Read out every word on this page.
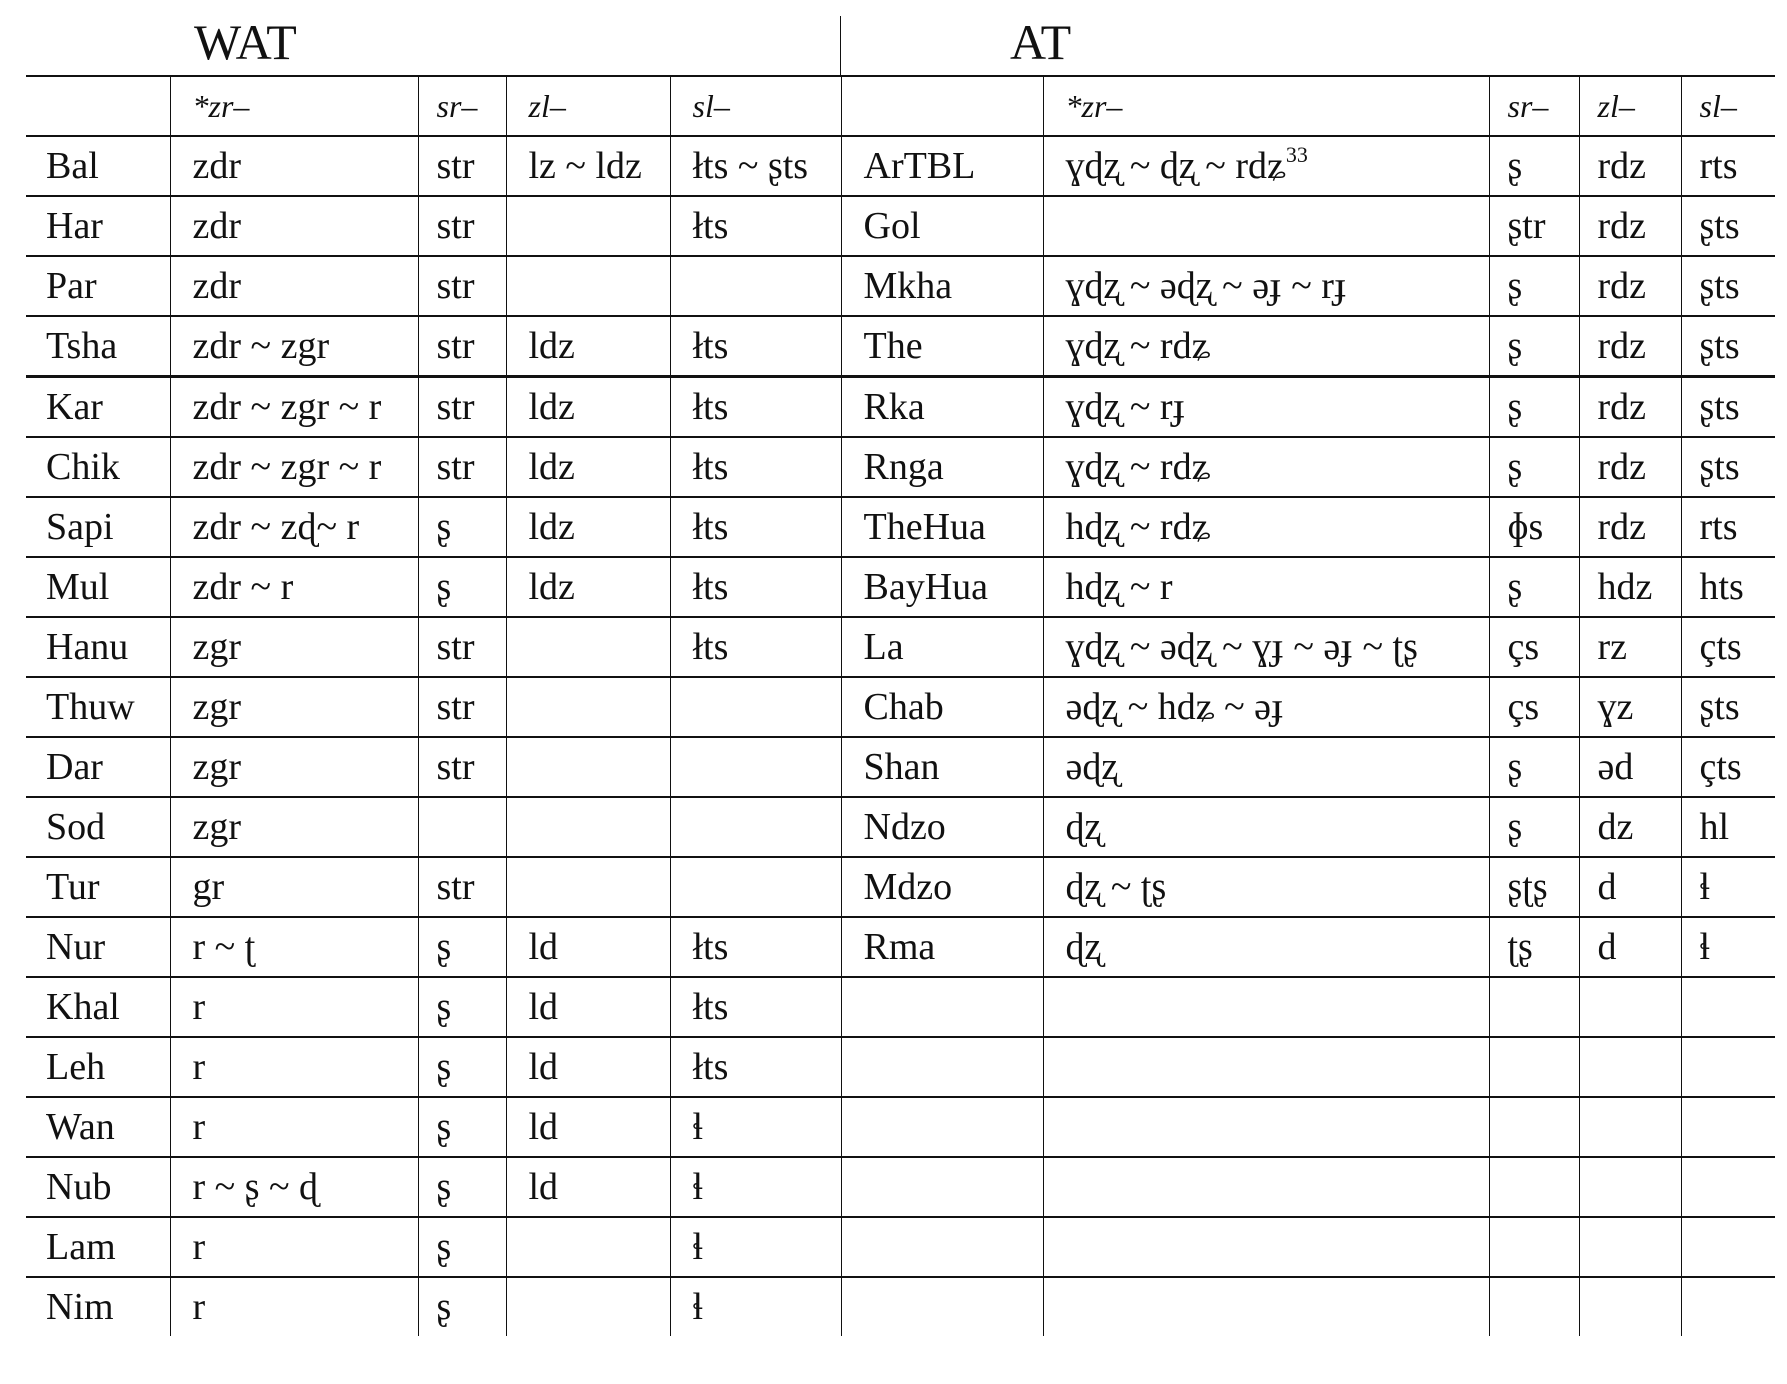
WAT	AT
	*zr–	sr–	zl–	sl–		*zr–	sr–	zl–	sl–
Bal	zdr	str	lz ~ ldz	łts ~ ʂts	ArTBL	ɣɖʐ ~ ɖʐ ~ rdʑ$^{33}$	ʂ	rdz	rts
Har	zdr	str		łts	Gol		ʂtr	rdz	ʂts
Par	zdr	str			Mkha	ɣɖʐ ~ əɖʐ ~ əɟ ~ rɟ	ʂ	rdz	ʂts
Tsha	zdr ~ zgr	str	ldz	łts	The	ɣɖʐ ~ rdʑ	ʂ	rdz	ʂts
Kar	zdr ~ zgr ~ r	str	ldz	łts	Rka	ɣɖʐ ~ rɟ	ʂ	rdz	ʂts
Chik	zdr ~ zgr ~ r	str	ldz	łts	Rnga	ɣɖʐ ~ rdʑ	ʂ	rdz	ʂts
Sapi	zdr ~ zɖ~ r	ʂ	ldz	łts	TheHua	hɖʐ ~ rdʑ	ɸs	rdz	rts
Mul	zdr ~ r	ʂ	ldz	łts	BayHua	hɖʐ ~ r	ʂ	hdz	hts
Hanu	zgr	str		łts	La	ɣɖʐ ~ əɖʐ ~ ɣɟ ~ əɟ ~ ʈʂ	çs	rz	çts
Thuw	zgr	str			Chab	əɖʐ ~ hdʑ ~ əɟ	çs	ɣz	ʂts
Dar	zgr	str			Shan	əɖʐ	ʂ	əd	çts
Sod	zgr				Ndzo	ɖʐ	ʂ	dz	hl
Tur	gr	str			Mdzo	ɖʐ ~ ʈʂ	ʂʈʂ	d	ɬ
Nur	r ~ ʈ	ʂ	ld	łts	Rma	ɖʐ	ʈʂ	d	ɬ
Khal	r	ʂ	ld	łts					
Leh	r	ʂ	ld	łts					
Wan	r	ʂ	ld	ɬ					
Nub	r ~ ʂ ~ ɖ	ʂ	ld	ɬ					
Lam	r	ʂ		ɬ					
Nim	r	ʂ		ɬ					
